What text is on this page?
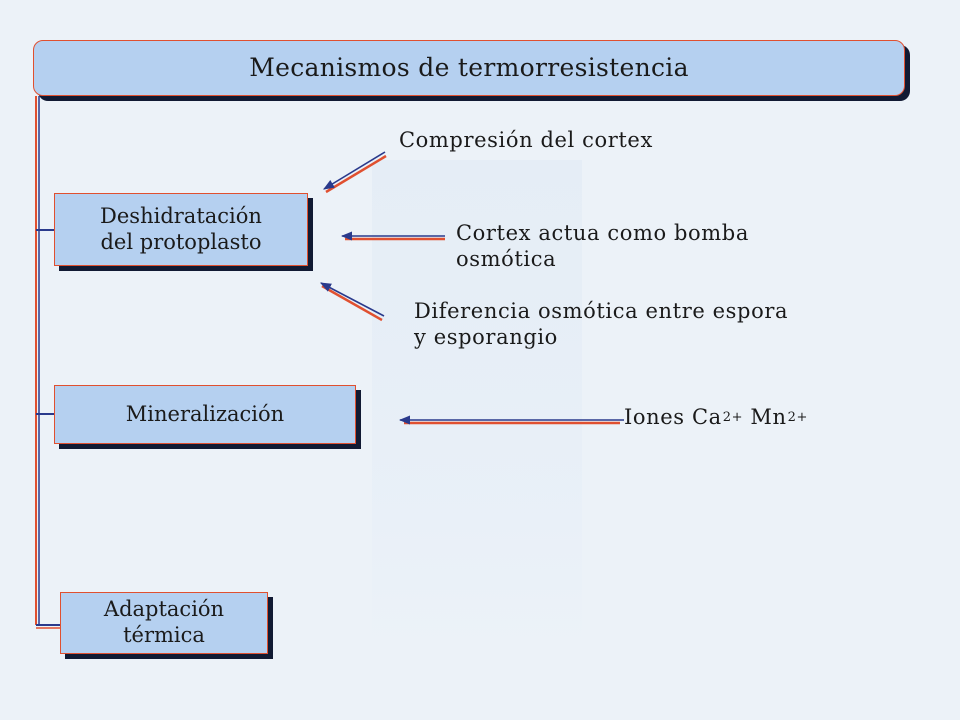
Mecanismos de termorresistencia
Deshidratación
del protoplasto
Mineralización
Adaptación
térmica
Compresión del cortex
Cortex actua como bomba
osmótica
Diferencia osmótica entre espora
y esporangio
Iones $Ca^{2+}$ $Mn^{2+}$
